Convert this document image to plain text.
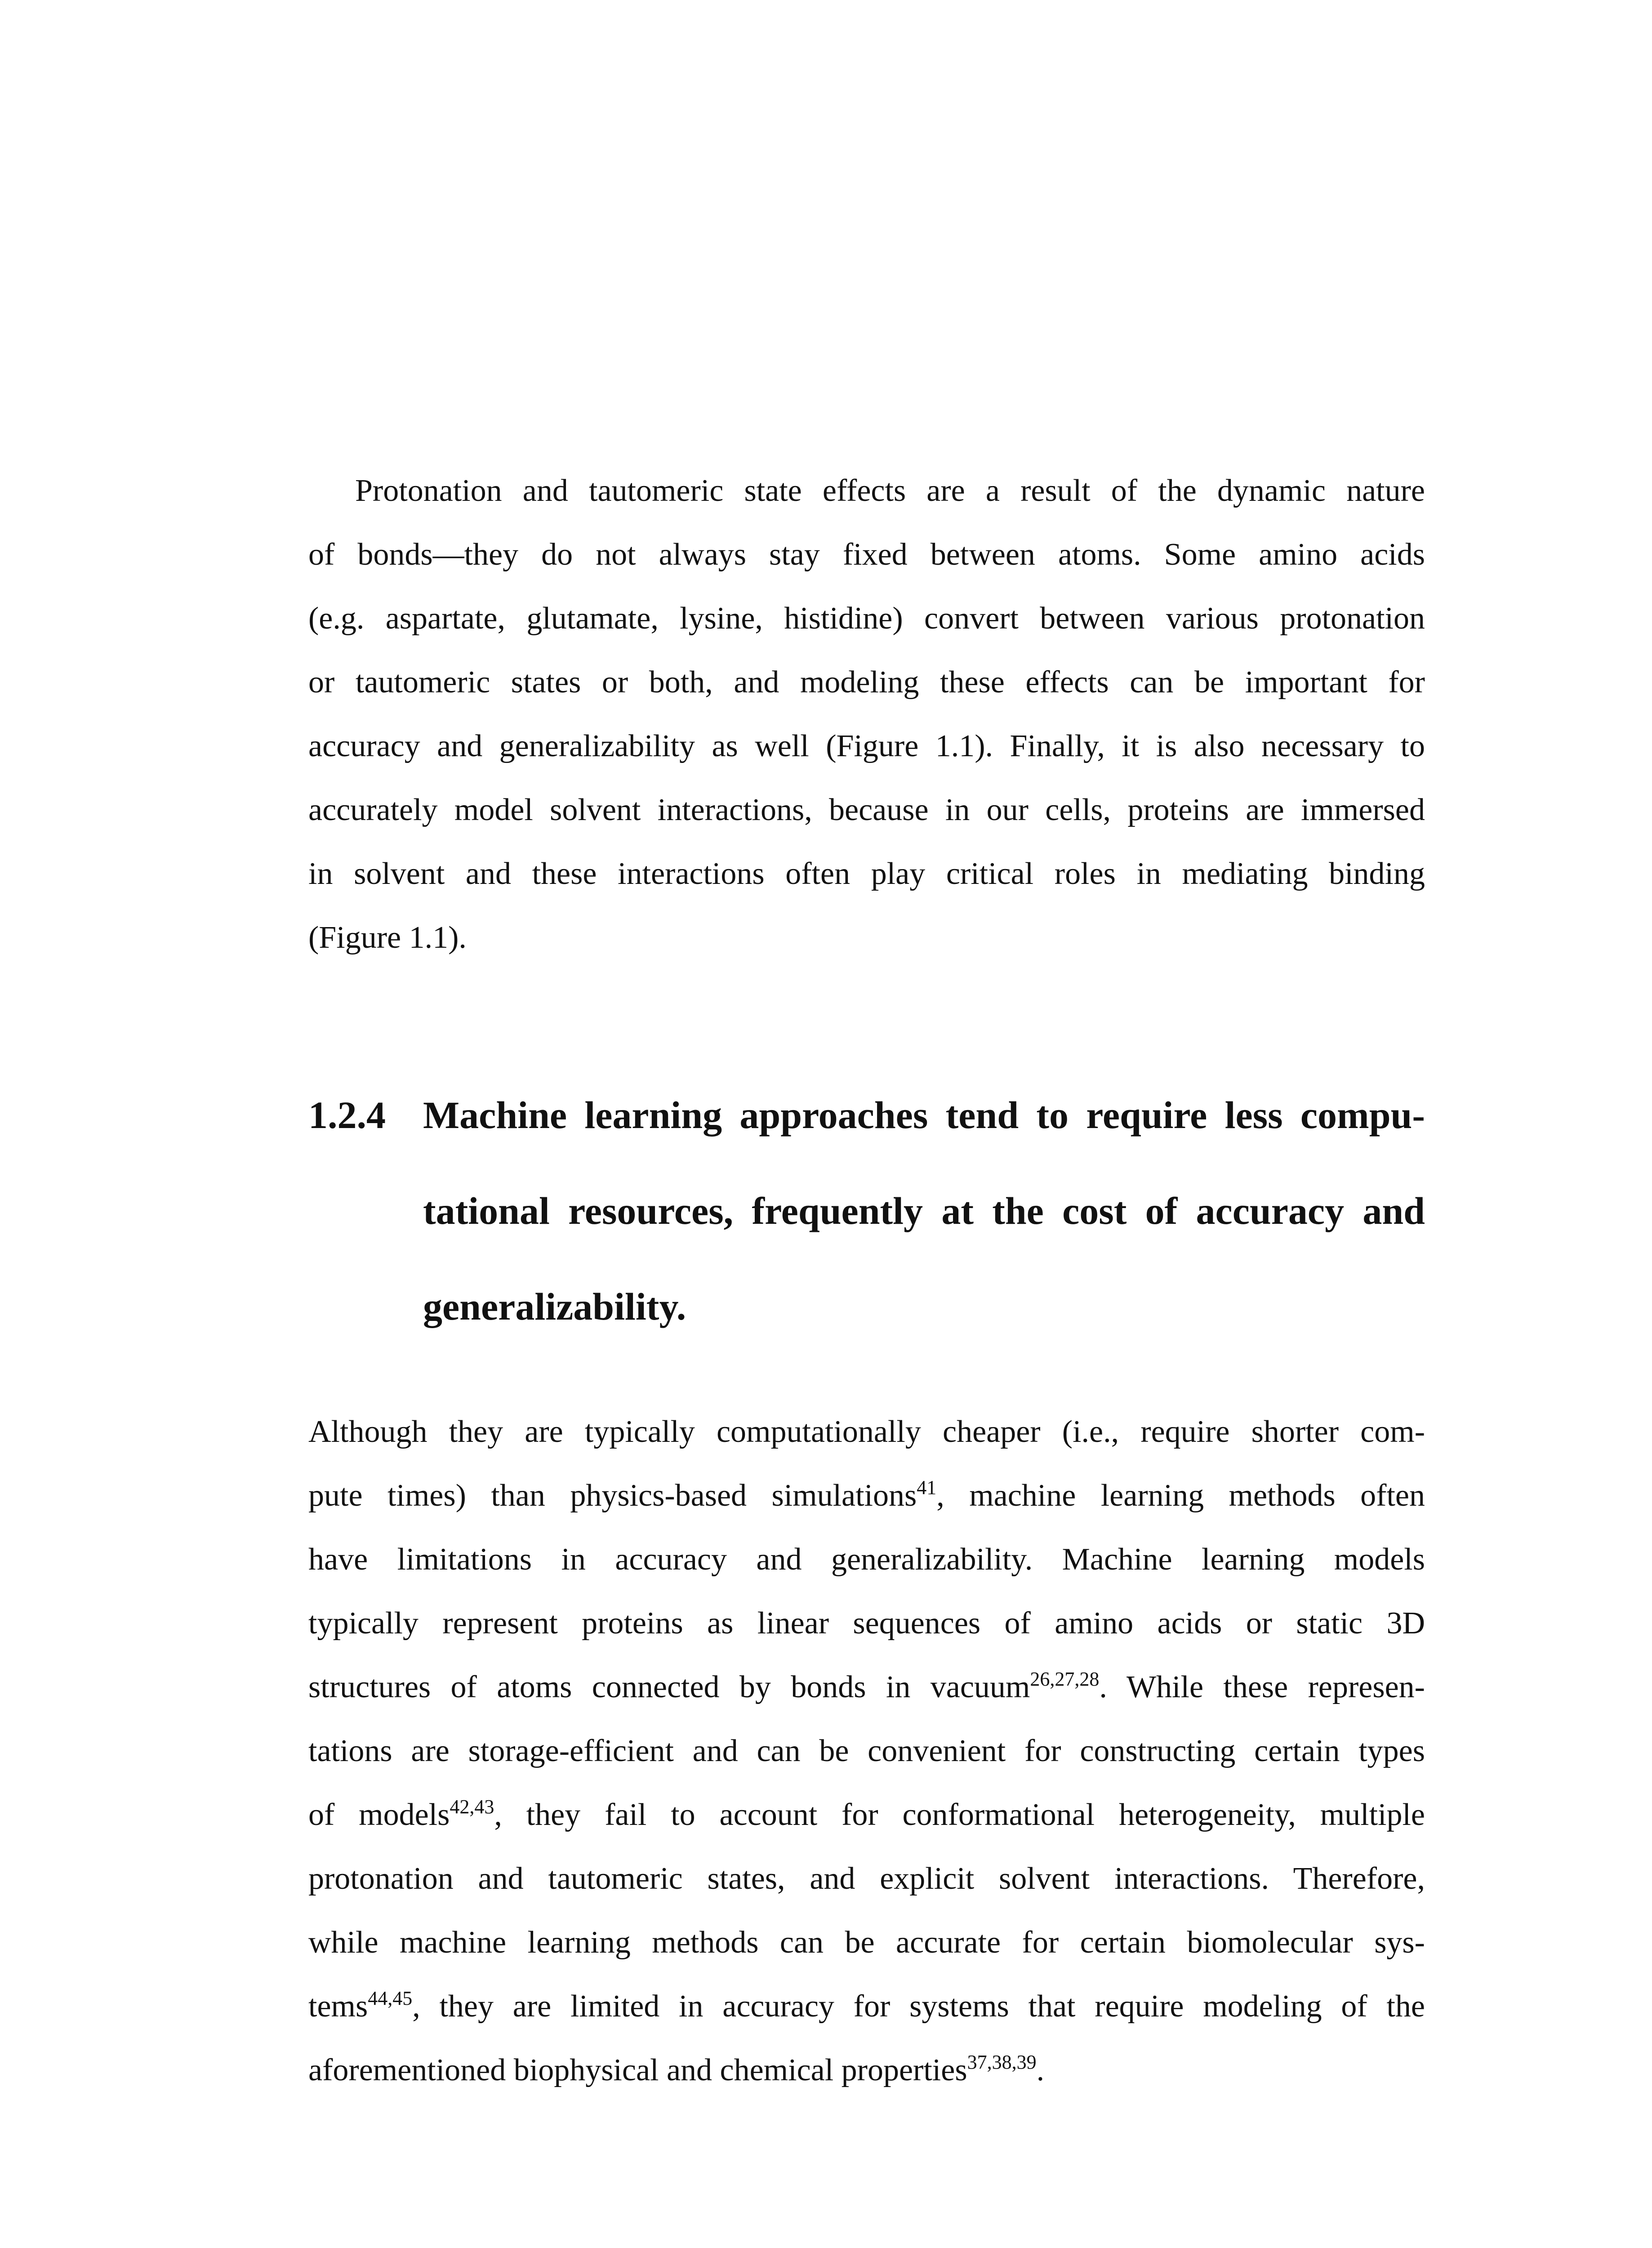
Protonation and tautomeric state effects are a result of the dynamic nature
of bonds—they do not always stay fixed between atoms. Some amino acids
(e.g. aspartate, glutamate, lysine, histidine) convert between various protonation
or tautomeric states or both, and modeling these effects can be important for
accuracy and generalizability as well (Figure 1.1). Finally, it is also necessary to
accurately model solvent interactions, because in our cells, proteins are immersed
in solvent and these interactions often play critical roles in mediating binding
(Figure 1.1).
1.2.4 Machine learning approaches tend to require less compu-
tational resources, frequently at the cost of accuracy and
generalizability.
Although they are typically computationally cheaper (i.e., require shorter com-
pute times) than physics-based simulations$^{41}$, machine learning methods often
have limitations in accuracy and generalizability. Machine learning models
typically represent proteins as linear sequences of amino acids or static 3D
structures of atoms connected by bonds in vacuum$^{26,27,28}$. While these represen-
tations are storage-efficient and can be convenient for constructing certain types
of models$^{42,43}$, they fail to account for conformational heterogeneity, multiple
protonation and tautomeric states, and explicit solvent interactions. Therefore,
while machine learning methods can be accurate for certain biomolecular sys-
tems$^{44,45}$, they are limited in accuracy for systems that require modeling of the
aforementioned biophysical and chemical properties$^{37,38,39}$.
